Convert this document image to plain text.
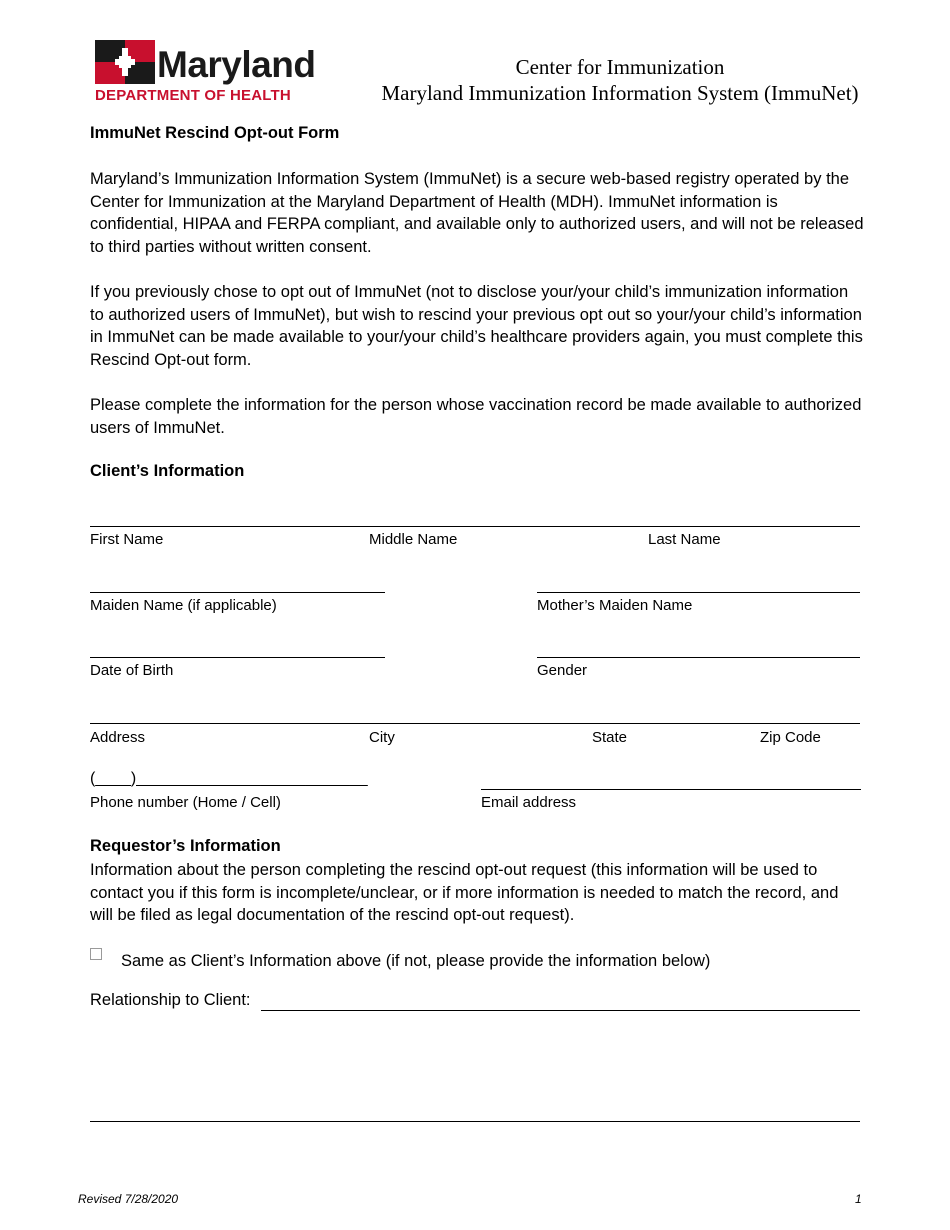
Maryland
DEPARTMENT OF HEALTH
Center for Immunization
Maryland Immunization Information System (ImmuNet)
ImmuNet Rescind Opt-out Form
Maryland’s Immunization Information System (ImmuNet) is a secure web-based registry operated by the Center for Immunization at the Maryland Department of Health (MDH). ImmuNet information is confidential, HIPAA and FERPA compliant, and available only to authorized users, and will not be released to third parties without written consent.
If you previously chose to opt out of ImmuNet (not to disclose your/your child’s immunization information to authorized users of ImmuNet), but wish to rescind your previous opt out so your/your child’s information in ImmuNet can be made available to your/your child’s healthcare providers again, you must complete this Rescind Opt-out form.
Please complete the information for the person whose vaccination record be made available to authorized users of ImmuNet.
Client’s Information
First Name	Middle Name	Last Name
Maiden Name (if applicable)	Mother’s Maiden Name
Date of Birth	Gender
Address	City	State	Zip Code
(____)__________________________
Phone number (Home / Cell)	Email address
Requestor’s Information
Information about the person completing the rescind opt-out request (this information will be used to contact you if this form is incomplete/unclear, or if more information is needed to match the record, and will be filed as legal documentation of the rescind opt-out request).
Same as Client’s Information above (if not, please provide the information below)
Relationship to Client:
Revised 7/28/2020	1
